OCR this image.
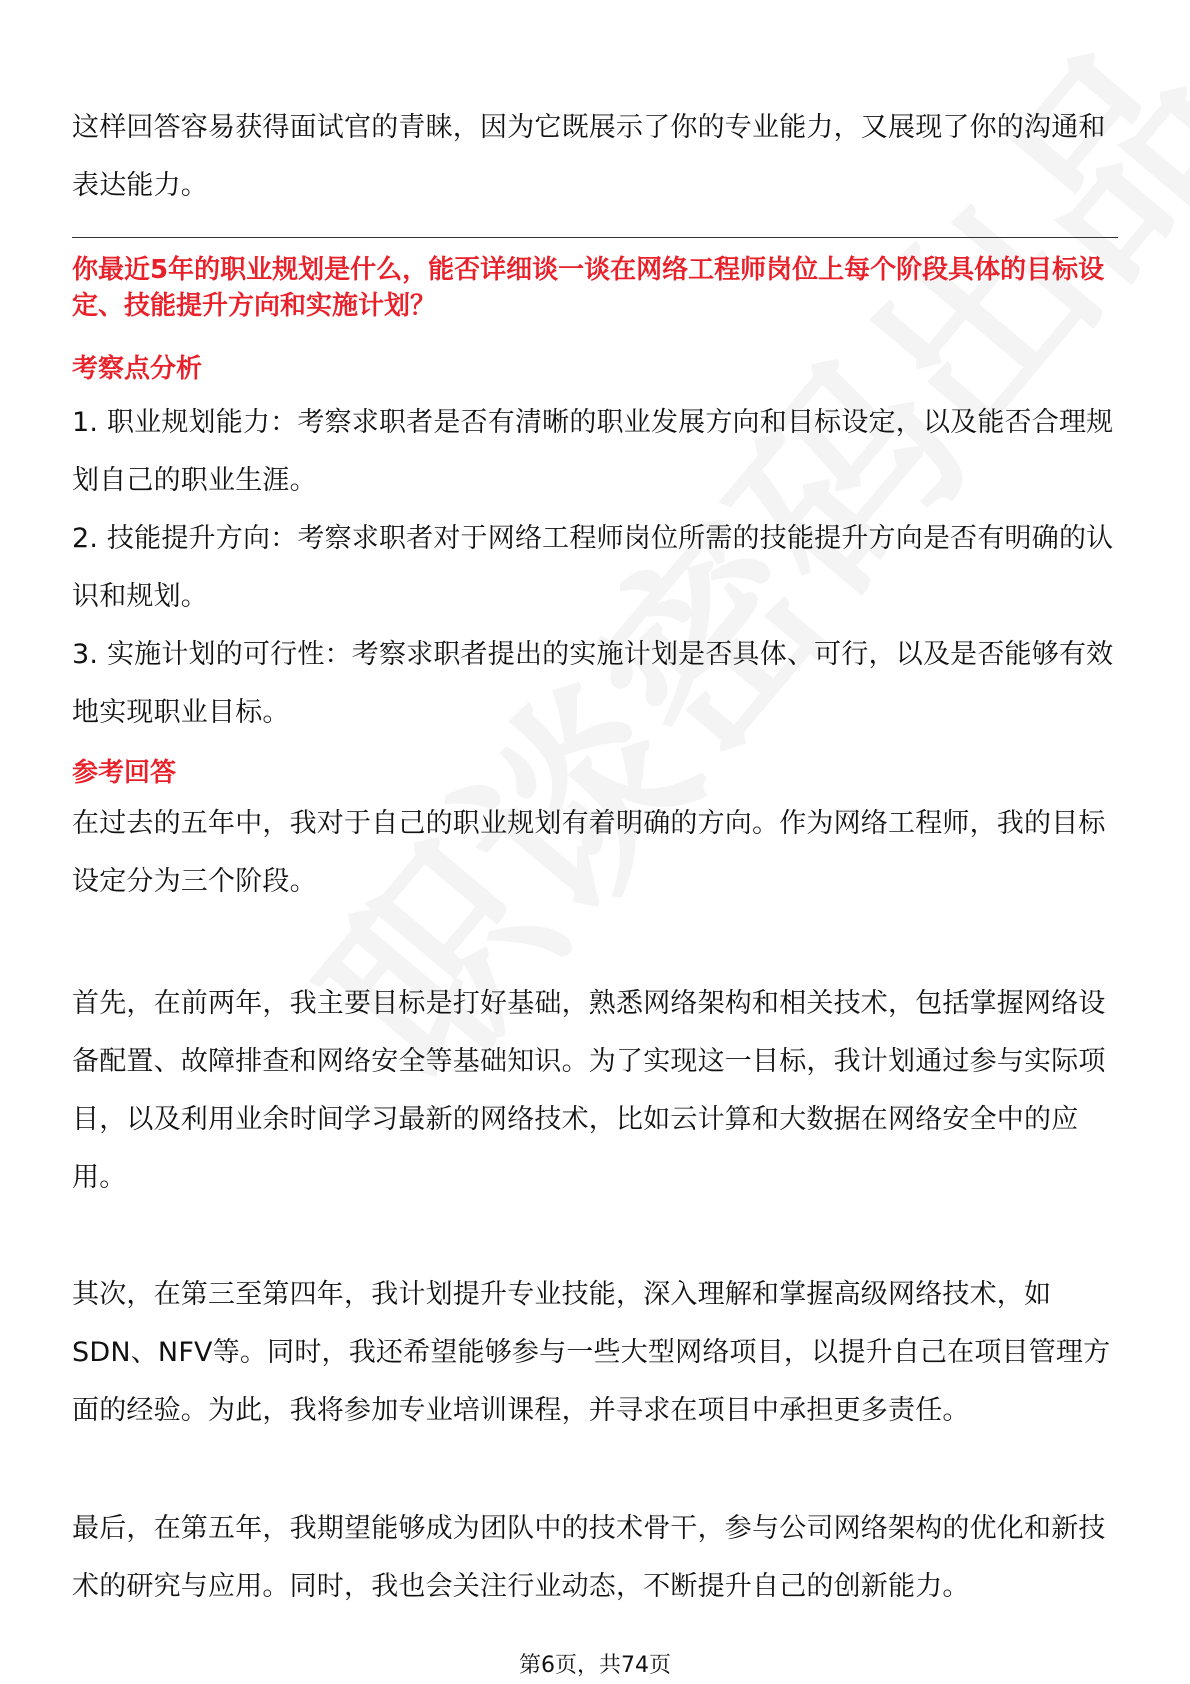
这样回答容易获得面试官的青睐，因为它既展示了你的专业能力，又展现了你的沟通和表达能力。

你最近5年的职业规划是什么，能否详细谈一谈在网络工程师岗位上每个阶段具体的目标设定、技能提升方向和实施计划？

考察点分析

1. 职业规划能力：考察求职者是否有清晰的职业发展方向和目标设定，以及能否合理规划自己的职业生涯。

2. 技能提升方向：考察求职者对于网络工程师岗位所需的技能提升方向是否有明确的认识和规划。

3. 实施计划的可行性：考察求职者提出的实施计划是否具体、可行，以及是否能够有效地实现职业目标。

参考回答

在过去的五年中，我对于自己的职业规划有着明确的方向。作为网络工程师，我的目标设定分为三个阶段。

首先，在前两年，我主要目标是打好基础，熟悉网络架构和相关技术，包括掌握网络设备配置、故障排查和网络安全等基础知识。为了实现这一目标，我计划通过参与实际项目，以及利用业余时间学习最新的网络技术，比如云计算和大数据在网络安全中的应用。

其次，在第三至第四年，我计划提升专业技能，深入理解和掌握高级网络技术，如SDN、NFV等。同时，我还希望能够参与一些大型网络项目，以提升自己在项目管理方面的经验。为此，我将参加专业培训课程，并寻求在项目中承担更多责任。

最后，在第五年，我期望能够成为团队中的技术骨干，参与公司网络架构的优化和新技术的研究与应用。同时，我也会关注行业动态，不断提升自己的创新能力。

第6页，共74页
